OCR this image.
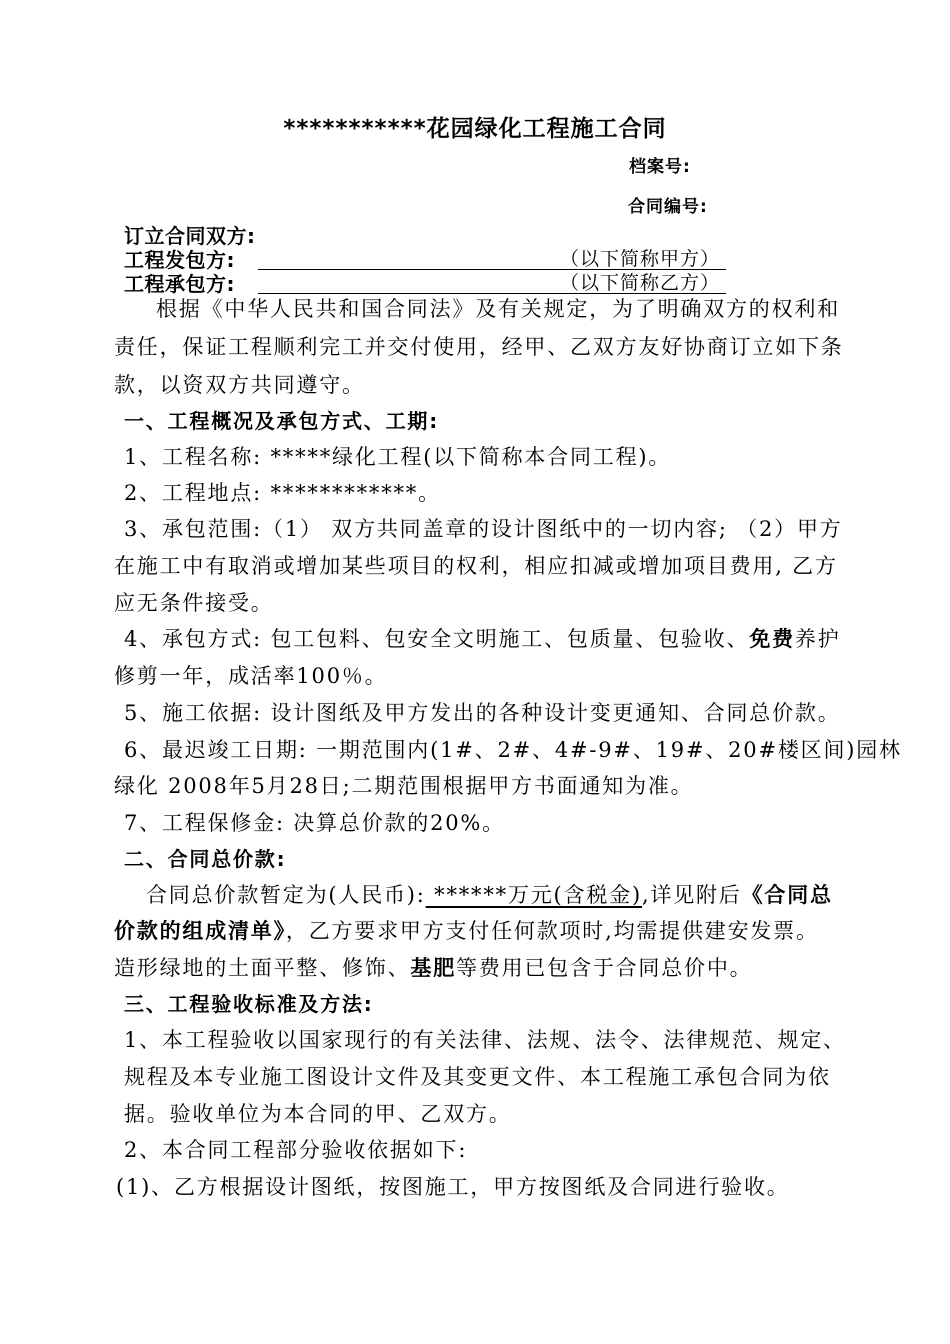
***********花园绿化工程施工合同
档案号:
合同编号:
订立合同双方:
工程发包方:	（以下简称甲方）
工程承包方:	（以下简称乙方）
根据《中华人民共和国合同法》及有关规定，为了明确双方的权利和
责任，保证工程顺利完工并交付使用，经甲、乙双方友好协商订立如下条
款，以资双方共同遵守。
一、工程概况及承包方式、工期:
1、工程名称: *****绿化工程(以下简称本合同工程)。
2、工程地点: ************。
3、承包范围:（1） 双方共同盖章的设计图纸中的一切内容; （2）甲方
在施工中有取消或增加某些项目的权利，相应扣减或增加项目费用, 乙方
应无条件接受。
4、承包方式: 包工包料、包安全文明施工、包质量、包验收、免费养护
修剪一年，成活率100％。
5、施工依据: 设计图纸及甲方发出的各种设计变更通知、合同总价款。
6、最迟竣工日期: 一期范围内(1#、2#、4#-9#、19#、20#楼区间)园林
绿化 2008年5月28日;二期范围根据甲方书面通知为准。
7、工程保修金: 决算总价款的20%。
二、合同总价款:
合同总价款暂定为(人民币): ******万元(含税金),详见附后《合同总
价款的组成清单》，乙方要求甲方支付任何款项时,均需提供建安发票。
造形绿地的土面平整、修饰、基肥等费用已包含于合同总价中。
三、工程验收标准及方法:
1、本工程验收以国家现行的有关法律、法规、法令、法律规范、规定、
规程及本专业施工图设计文件及其变更文件、本工程施工承包合同为依
据。验收单位为本合同的甲、乙双方。
2、本合同工程部分验收依据如下:
(1)、乙方根据设计图纸，按图施工，甲方按图纸及合同进行验收。
